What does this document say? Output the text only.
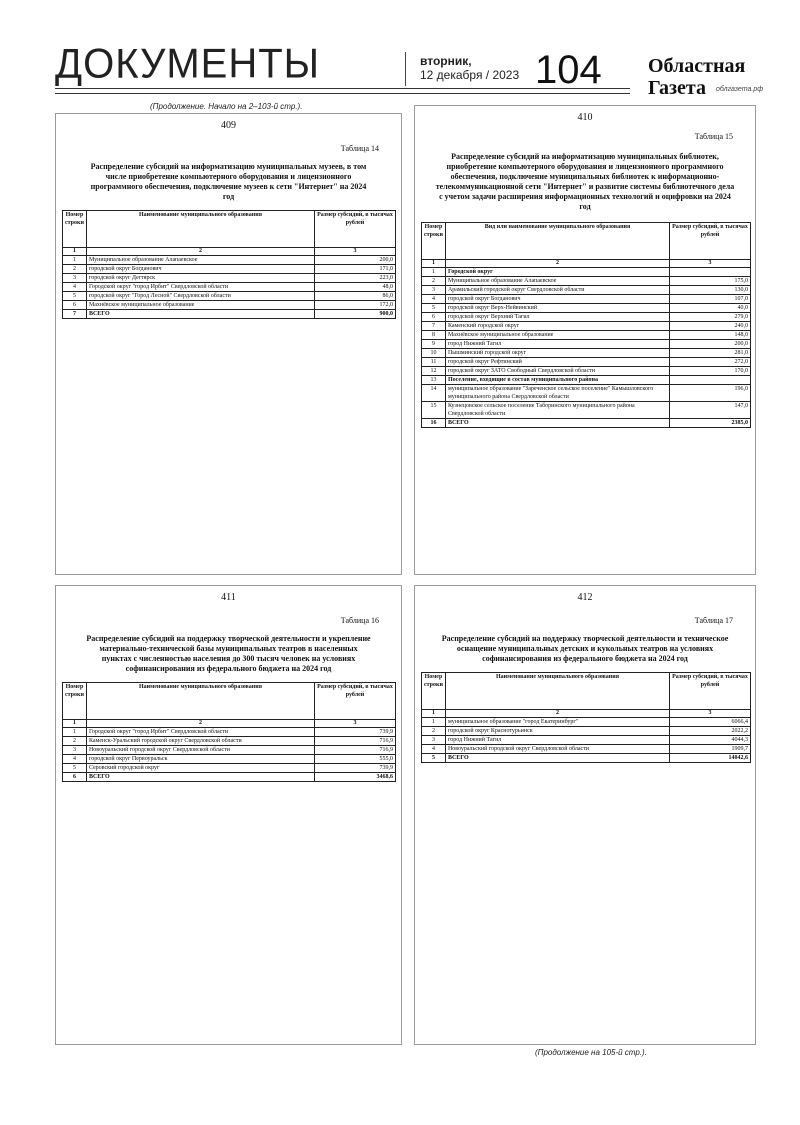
ДОКУМЕНТЫ	вторник,
12 декабря / 2023 104 Областная
Газета	облгазета.рф
(Продолжение. Начало на 2–103-й стр.).
409
Таблица 14
Распределение субсидий на информатизацию муниципальных музеев, в том числе приобретение компьютерного оборудования и лицензионного программного обеспечения, подключение музеев к сети "Интернет" на 2024 год
Номер строки	Наименование муниципального образования	Размер субсидий, в тысячах рублей
1	2	3
1	Муниципальное образование Алапаевское	200,0
2	городской округ Богданович	171,0
3	городской округ Дегтярск	223,0
4	Городской округ "город Ирбит" Свердловской области	48,0
5	городской округ "Город Лесной" Свердловской области	86,0
6	Махнёвское муниципальное образование	172,0
7	ВСЕГО	900,0
410
Таблица 15
Распределение субсидий на информатизацию муниципальных библиотек, приобретение компьютерного оборудования и лицензионного программного обеспечения, подключение муниципальных библиотек к информационно-телекоммуникационной сети "Интернет" и развитие системы библиотечного дела с учетом задачи расширения информационных технологий и оцифровки на 2024 год
Номер строки	Вид или наименование муниципального образования	Размер субсидий, в тысячах рублей
1	2	3
1	Городской округ	
2	Муниципальное образование Алапаевское	175,0
3	Арамильский городской округ Свердловской области	130,0
4	городской округ Богданович	107,0
5	городской округ Верх-Нейвинский	40,0
6	городской округ Верхний Тагил	279,0
7	Каменский городской округ	240,0
8	Махнёвское муниципальное образование	148,0
9	город Нижний Тагил	200,0
10	Пышминский городской округ	281,0
11	городской округ Рефтинский	272,0
12	городской округ ЗАТО Свободный Свердловской области	170,0
13	Поселение, входящие в состав муниципального района	
14	муниципальное образование "Зареченское сельское поселение" Камышловского муниципального района Свердловской области	196,0
15	Кузнецовское сельское поселение Таборинского муниципального района Свердловской области	147,0
16	ВСЕГО	2385,0
411
Таблица 16
Распределение субсидий на поддержку творческой деятельности и укрепление материально-технической базы муниципальных театров в населенных пунктах с численностью населения до 300 тысяч человек на условиях софинансирования из федерального бюджета на 2024 год
Номер строки	Наименование муниципального образования	Размер субсидий, в тысячах рублей
1	2	3
1	Городской округ "город Ирбит" Свердловской области	739,9
2	Каменск-Уральский городской округ Свердловской области	716,9
3	Новоуральский городской округ Свердловской области	716,9
4	городской округ Первоуральск	555,0
5	Серовский городской округ	739,9
6	ВСЕГО	3468,6
412
Таблица 17
Распределение субсидий на поддержку творческой деятельности и техническое оснащение муниципальных детских и кукольных театров на условиях софинансирования из федерального бюджета на 2024 год
Номер строки	Наименование муниципального образования	Размер субсидий, в тысячах рублей
1	2	3
1	муниципальное образование "город Екатеринбург"	6066,4
2	городской округ Краснотурьинск	2022,2
3	город Нижний Тагил	4044,3
4	Новоуральский городской округ Свердловской области	1909,7
5	ВСЕГО	14042,6
(Продолжение на 105-й стр.).
